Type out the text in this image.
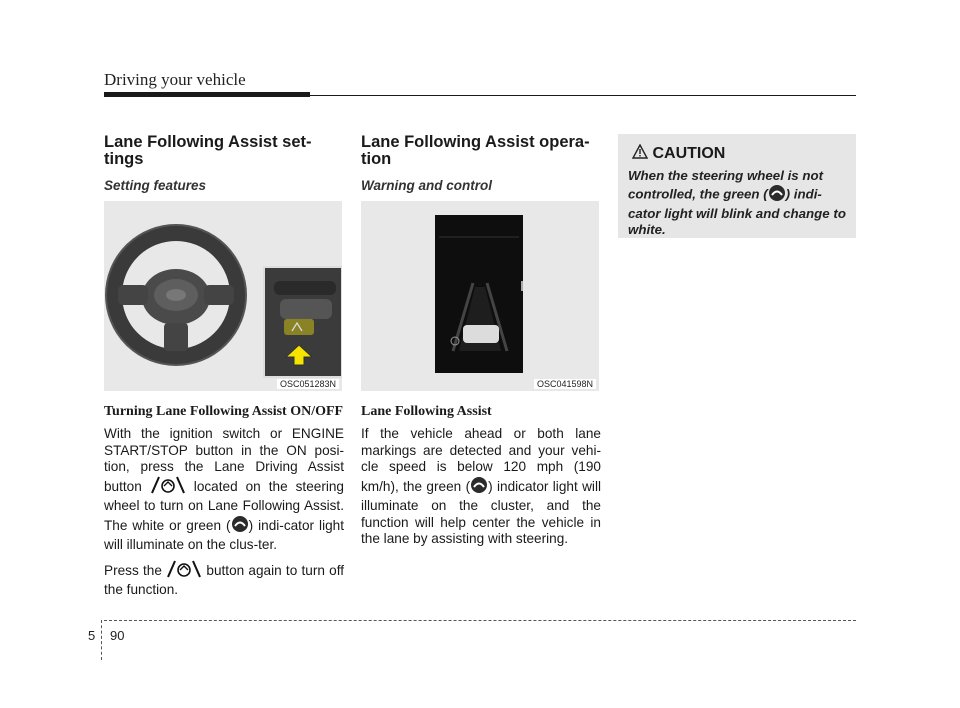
Driving your vehicle
Lane Following Assist set-tings
Setting features
OSC051283N
Turning Lane Following Assist ON/OFF
With the ignition switch or ENGINE START/STOP button in the ON posi-tion, press the Lane Driving Assist button	located on the steering wheel to turn on Lane Following Assist. The white or green ( ) indi-cator light will illuminate on the clus-ter.
Press the	button again to turn off the function.
Lane Following Assist opera-tion
Warning and control
OSC041598N
Lane Following Assist
If the vehicle ahead or both lane markings are detected and your vehi-cle speed is below 120 mph (190 km/h), the green ( ) indicator light will illuminate on the cluster, and the function will help center the vehicle in the lane by assisting with steering.
CAUTION
When the steering wheel is not controlled, the green ( ) indi-cator light will blink and change to white.
5 90
